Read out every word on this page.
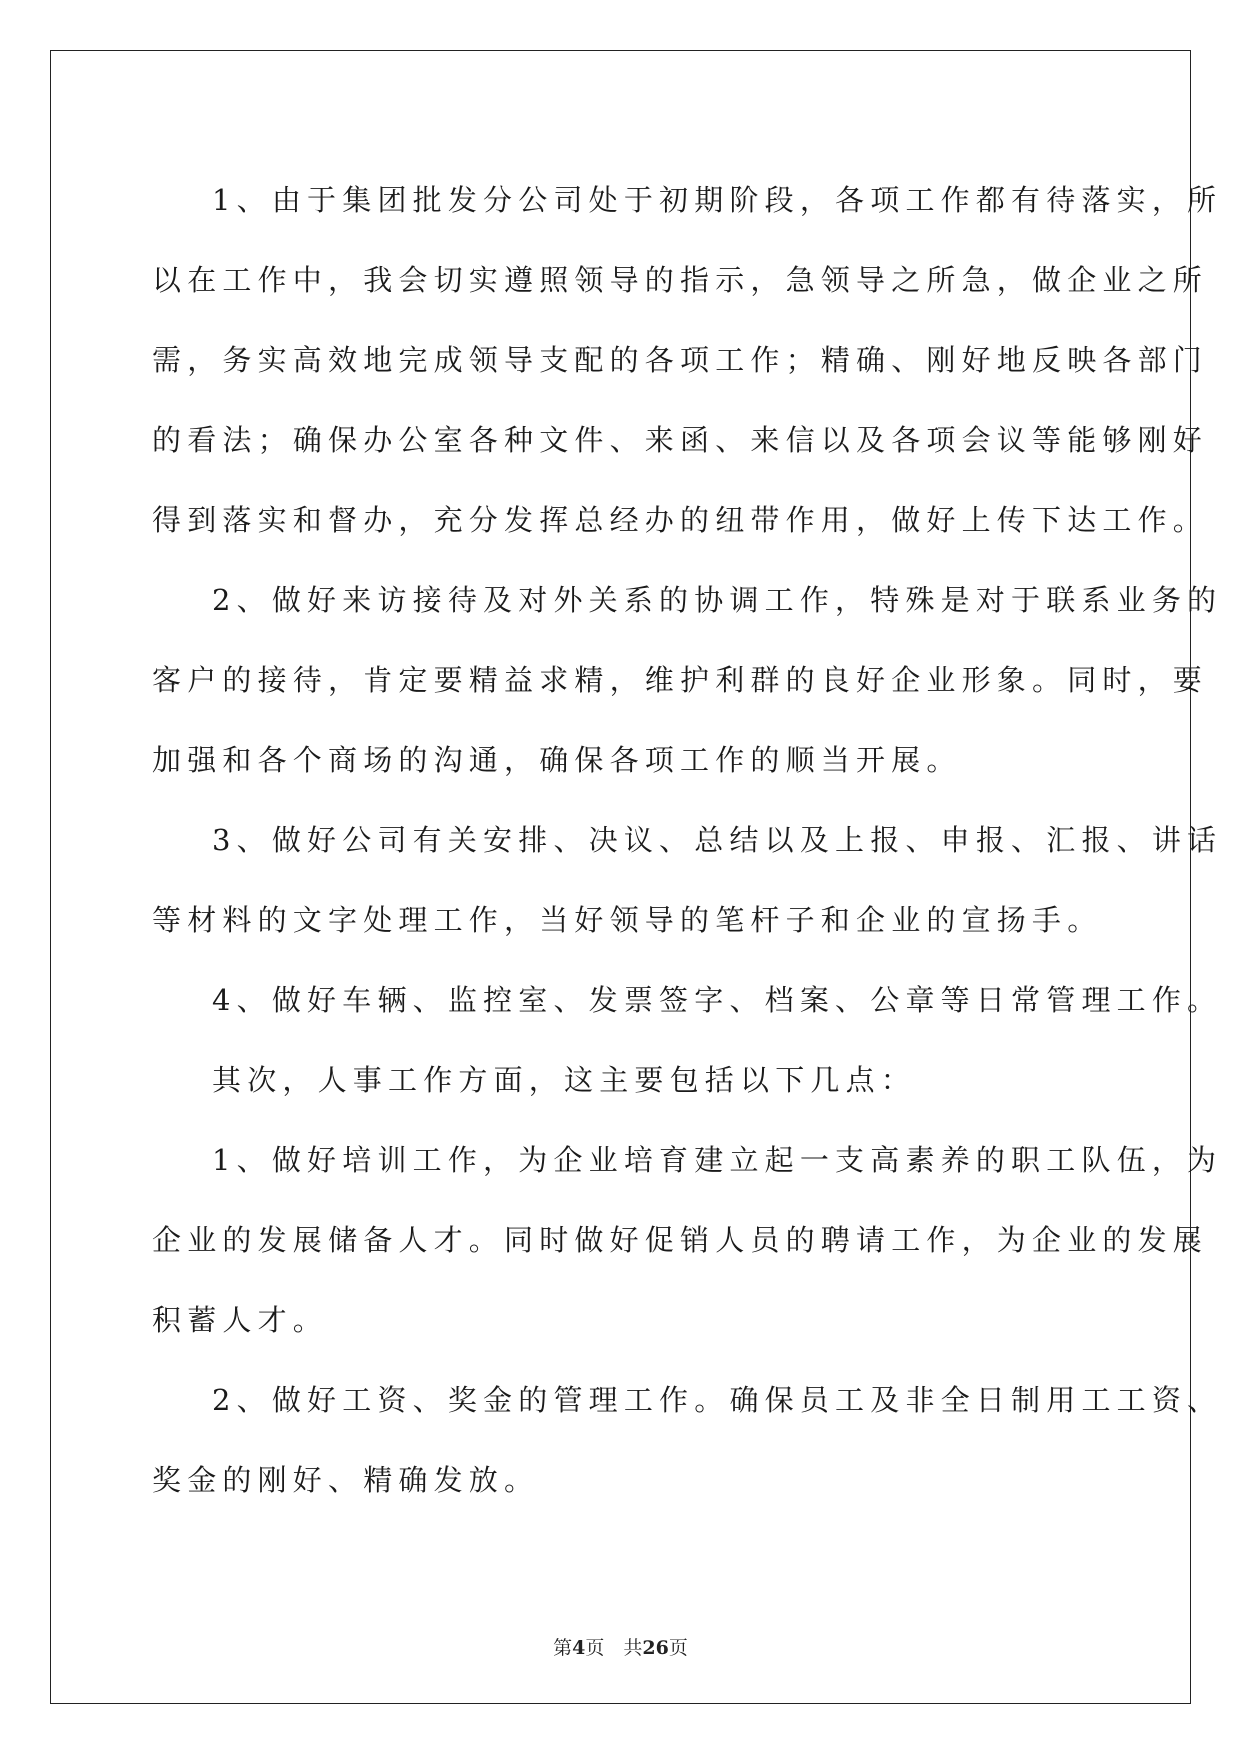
1、由于集团批发分公司处于初期阶段，各项工作都有待落实，所
以在工作中，我会切实遵照领导的指示，急领导之所急，做企业之所
需，务实高效地完成领导支配的各项工作；精确、刚好地反映各部门
的看法；确保办公室各种文件、来函、来信以及各项会议等能够刚好
得到落实和督办，充分发挥总经办的纽带作用，做好上传下达工作。

2、做好来访接待及对外关系的协调工作，特殊是对于联系业务的
客户的接待，肯定要精益求精，维护利群的良好企业形象。同时，要
加强和各个商场的沟通，确保各项工作的顺当开展。

3、做好公司有关安排、决议、总结以及上报、申报、汇报、讲话
等材料的文字处理工作，当好领导的笔杆子和企业的宣扬手。

4、做好车辆、监控室、发票签字、档案、公章等日常管理工作。

其次，人事工作方面，这主要包括以下几点：

1、做好培训工作，为企业培育建立起一支高素养的职工队伍，为
企业的发展储备人才。同时做好促销人员的聘请工作，为企业的发展
积蓄人才。

2、做好工资、奖金的管理工作。确保员工及非全日制用工工资、
奖金的刚好、精确发放。

第4页　共26页
